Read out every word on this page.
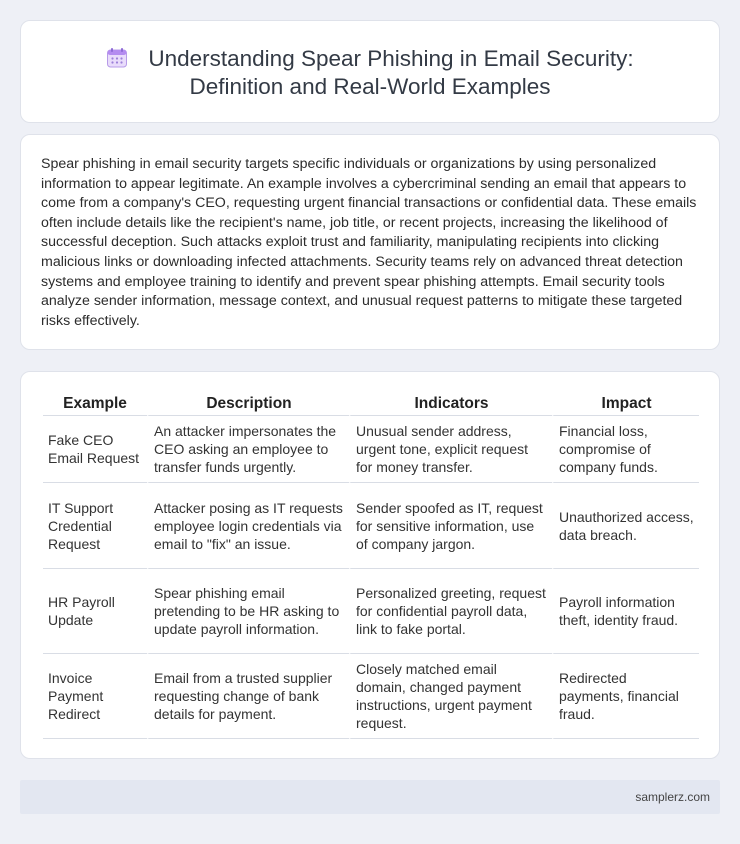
Understanding Spear Phishing in Email Security:
Definition and Real-World Examples

Spear phishing in email security targets specific individuals or organizations by using personalized information to appear legitimate. An example involves a cybercriminal sending an email that appears to come from a company's CEO, requesting urgent financial transactions or confidential data. These emails often include details like the recipient's name, job title, or recent projects, increasing the likelihood of successful deception. Such attacks exploit trust and familiarity, manipulating recipients into clicking malicious links or downloading infected attachments. Security teams rely on advanced threat detection systems and employee training to identify and prevent spear phishing attempts. Email security tools analyze sender information, message context, and unusual request patterns to mitigate these targeted risks effectively.

Example	Description	Indicators	Impact
Fake CEO Email Request	An attacker impersonates the CEO asking an employee to transfer funds urgently.	Unusual sender address, urgent tone, explicit request for money transfer.	Financial loss, compromise of company funds.
IT Support Credential Request	Attacker posing as IT requests employee login credentials via email to "fix" an issue.	Sender spoofed as IT, request for sensitive information, use of company jargon.	Unauthorized access, data breach.
HR Payroll Update	Spear phishing email pretending to be HR asking to update payroll information.	Personalized greeting, request for confidential payroll data, link to fake portal.	Payroll information theft, identity fraud.
Invoice Payment Redirect	Email from a trusted supplier requesting change of bank details for payment.	Closely matched email domain, changed payment instructions, urgent payment request.	Redirected payments, financial fraud.
samplerz.com
